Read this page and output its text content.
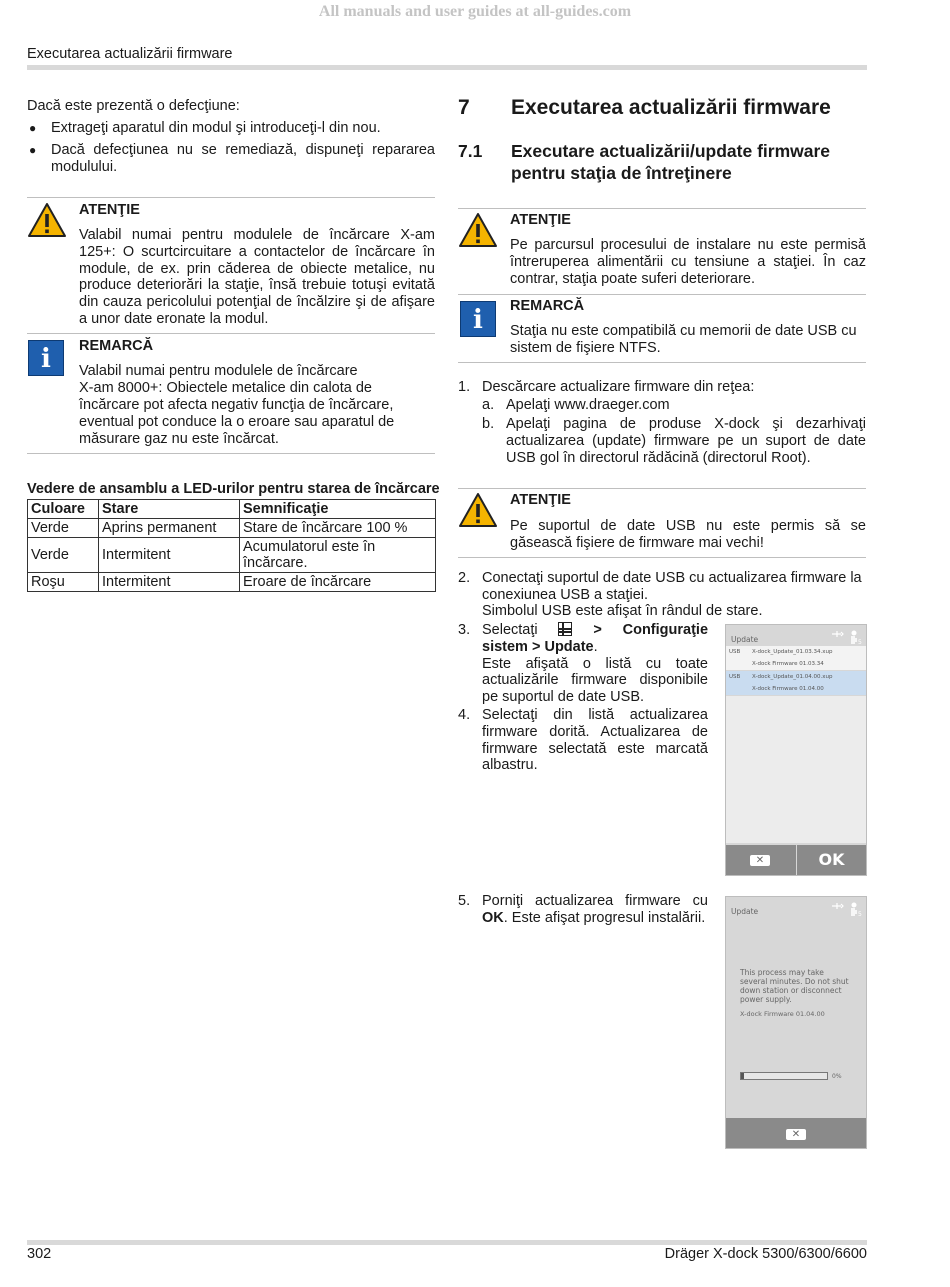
All manuals and user guides at all-guides.com
Executarea actualizării firmware
Dacă este prezentă o defecţiune:
● Extrageţi aparatul din modul şi introduceţi-l din nou.
● Dacă defecţiunea nu se remediază, dispuneţi repararea modulului.
ATENŢIE
Valabil numai pentru modulele de încărcare X-am 125+: O scurtcircuitare a contactelor de încărcare în module, de ex. prin căderea de obiecte metalice, nu produce deteriorări la staţie, însă trebuie totuşi evitată din cauza pericolului potenţial de încălzire şi de afişare a unor date eronate la modul.
i	REMARCĂ
Valabil numai pentru modulele de încărcare
X-am 8000+: Obiectele metalice din calota de
încărcare pot afecta negativ funcţia de încărcare,
eventual pot conduce la o eroare sau aparatul de
măsurare gaz nu este încărcat.
Vedere de ansamblu a LED-urilor pentru starea de încărcare
Culoare	Stare	Semnificaţie
Verde	Aprins permanent	Stare de încărcare 100 %
Verde	Intermitent	Acumulatorul este în încărcare.
Roşu	Intermitent	Eroare de încărcare
7 Executarea actualizării firmware
7.1 Executare actualizării/update firmware
pentru staţia de întreţinere
ATENŢIE
Pe parcursul procesului de instalare nu este permisă întreruperea alimentării cu tensiune a staţiei. În caz contrar, staţia poate suferi deteriorare.
i	REMARCĂ
Staţia nu este compatibilă cu memorii de date USB cu sistem de fişiere NTFS.
1. Descărcare actualizare firmware din reţea:
a. Apelaţi www.draeger.com
b. Apelaţi pagina de produse X-dock şi dezarhivaţi actualizarea (update) firmware pe un suport de date USB gol în directorul rădăcină (directorul Root).
ATENŢIE
Pe suportul de date USB nu este permis să se găsească fişiere de firmware mai vechi!
2. Conectaţi suportul de date USB cu actualizarea firmware la conexiunea USB a staţiei.
Simbolul USB este afişat în rândul de stare.
3. Selectaţi	> Configuraţie
sistem > Update.
Este afişată o listă cu toate actualizările firmware disponibile pe suportul de date USB.
4. Selectaţi din listă actualizarea firmware dorită. Actualizarea de firmware selectată este marcată albastru.
Update	5
USB X-dock_Update_01.03.34.xup
X-dock Firmware 01.03.34
USB X-dock_Update_01.04.00.xup
X-dock Firmware 01.04.00
✕	OK
5. Porniţi actualizarea firmware cu OK. Este afişat progresul instalării.	Update	5
This process may take several minutes. Do not shut down station or disconnect power supply.
X-dock Firmware 01.04.00
0%
✕
302	Dräger X-dock 5300/6300/6600
